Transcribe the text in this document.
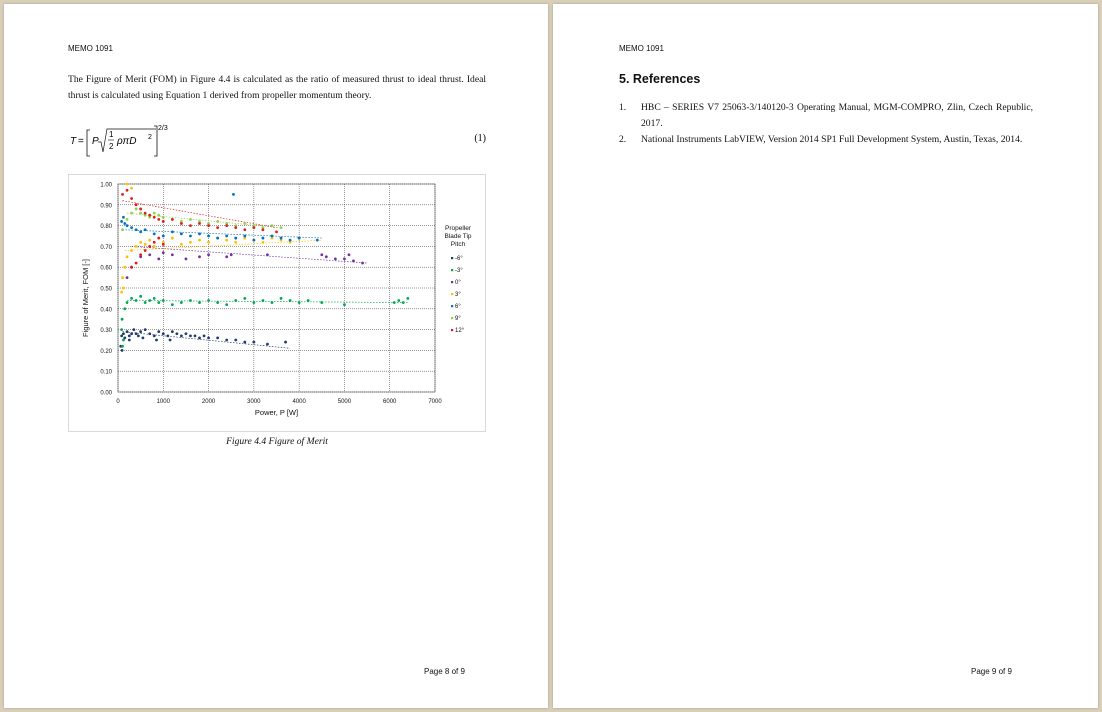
MEMO 1091
The Figure of Merit (FOM) in Figure 4.4 is calculated as the ratio of measured thrust to ideal thrust. Ideal thrust is calculated using Equation 1 derived from propeller momentum theory.
T = P
1
2 ρπD 2
2/3
(1)
0.00
0.10
0.20
0.30
0.40
0.50
0.60
0.70
0.80
0.90
1.00
0	1000	2000	3000	4000	5000	6000	7000
Propeller
Blade Tip
Pitch
-6°
-3°
0°
3°
6°
9°
12°
Power, P [W]
Figure of Merit, FOM [-]
Figure 4.4 Figure of Merit
Page 8 of 9
MEMO 1091
5. References
1. HBC – SERIES V7 25063-3/140120-3 Operating Manual, MGM-COMPRO, Zlin, Czech Republic, 2017.
2. National Instruments LabVIEW, Version 2014 SP1 Full Development System, Austin, Texas, 2014.
Page 9 of 9
